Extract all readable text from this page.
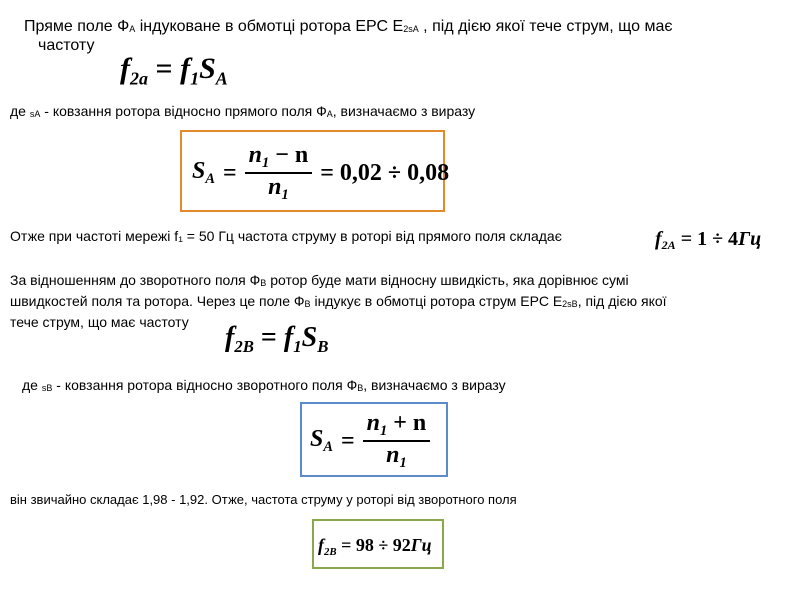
Пряме поле ФA індуковане в обмотці ротора ЕРС Е2sA , під дією якої тече струм, що має
частоту
$f_{2a} = f_1S_A$
де sA - ковзання ротора відносно прямого поля ФA, визначаємо з виразу
$S_A = \frac{n_1 - n}{n_1} = 0,02 \div 0,08$
Отже при частоті мережі f₁ = 50 Гц частота струму в роторі від прямого поля складає	$f_{2A} = 1 \div 4Гц$
За відношенням до зворотного поля ФB ротор буде мати відносну швидкість, яка дорівнює сумі
швидкостей поля та ротора. Через це поле ФB індукує в обмотці ротора струм ЕРС Е2sB, під дією якої
тече струм, що має частоту $f_{2B} = f_1S_B$
де sB - ковзання ротора відносно зворотного поля ФB, визначаємо з виразу
$S_A = \frac{n_1 + n}{n_1}$
він звичайно складає 1,98 - 1,92. Отже, частота струму у роторі від зворотного поля
$f_{2B} = 98 \div 92Гц$
